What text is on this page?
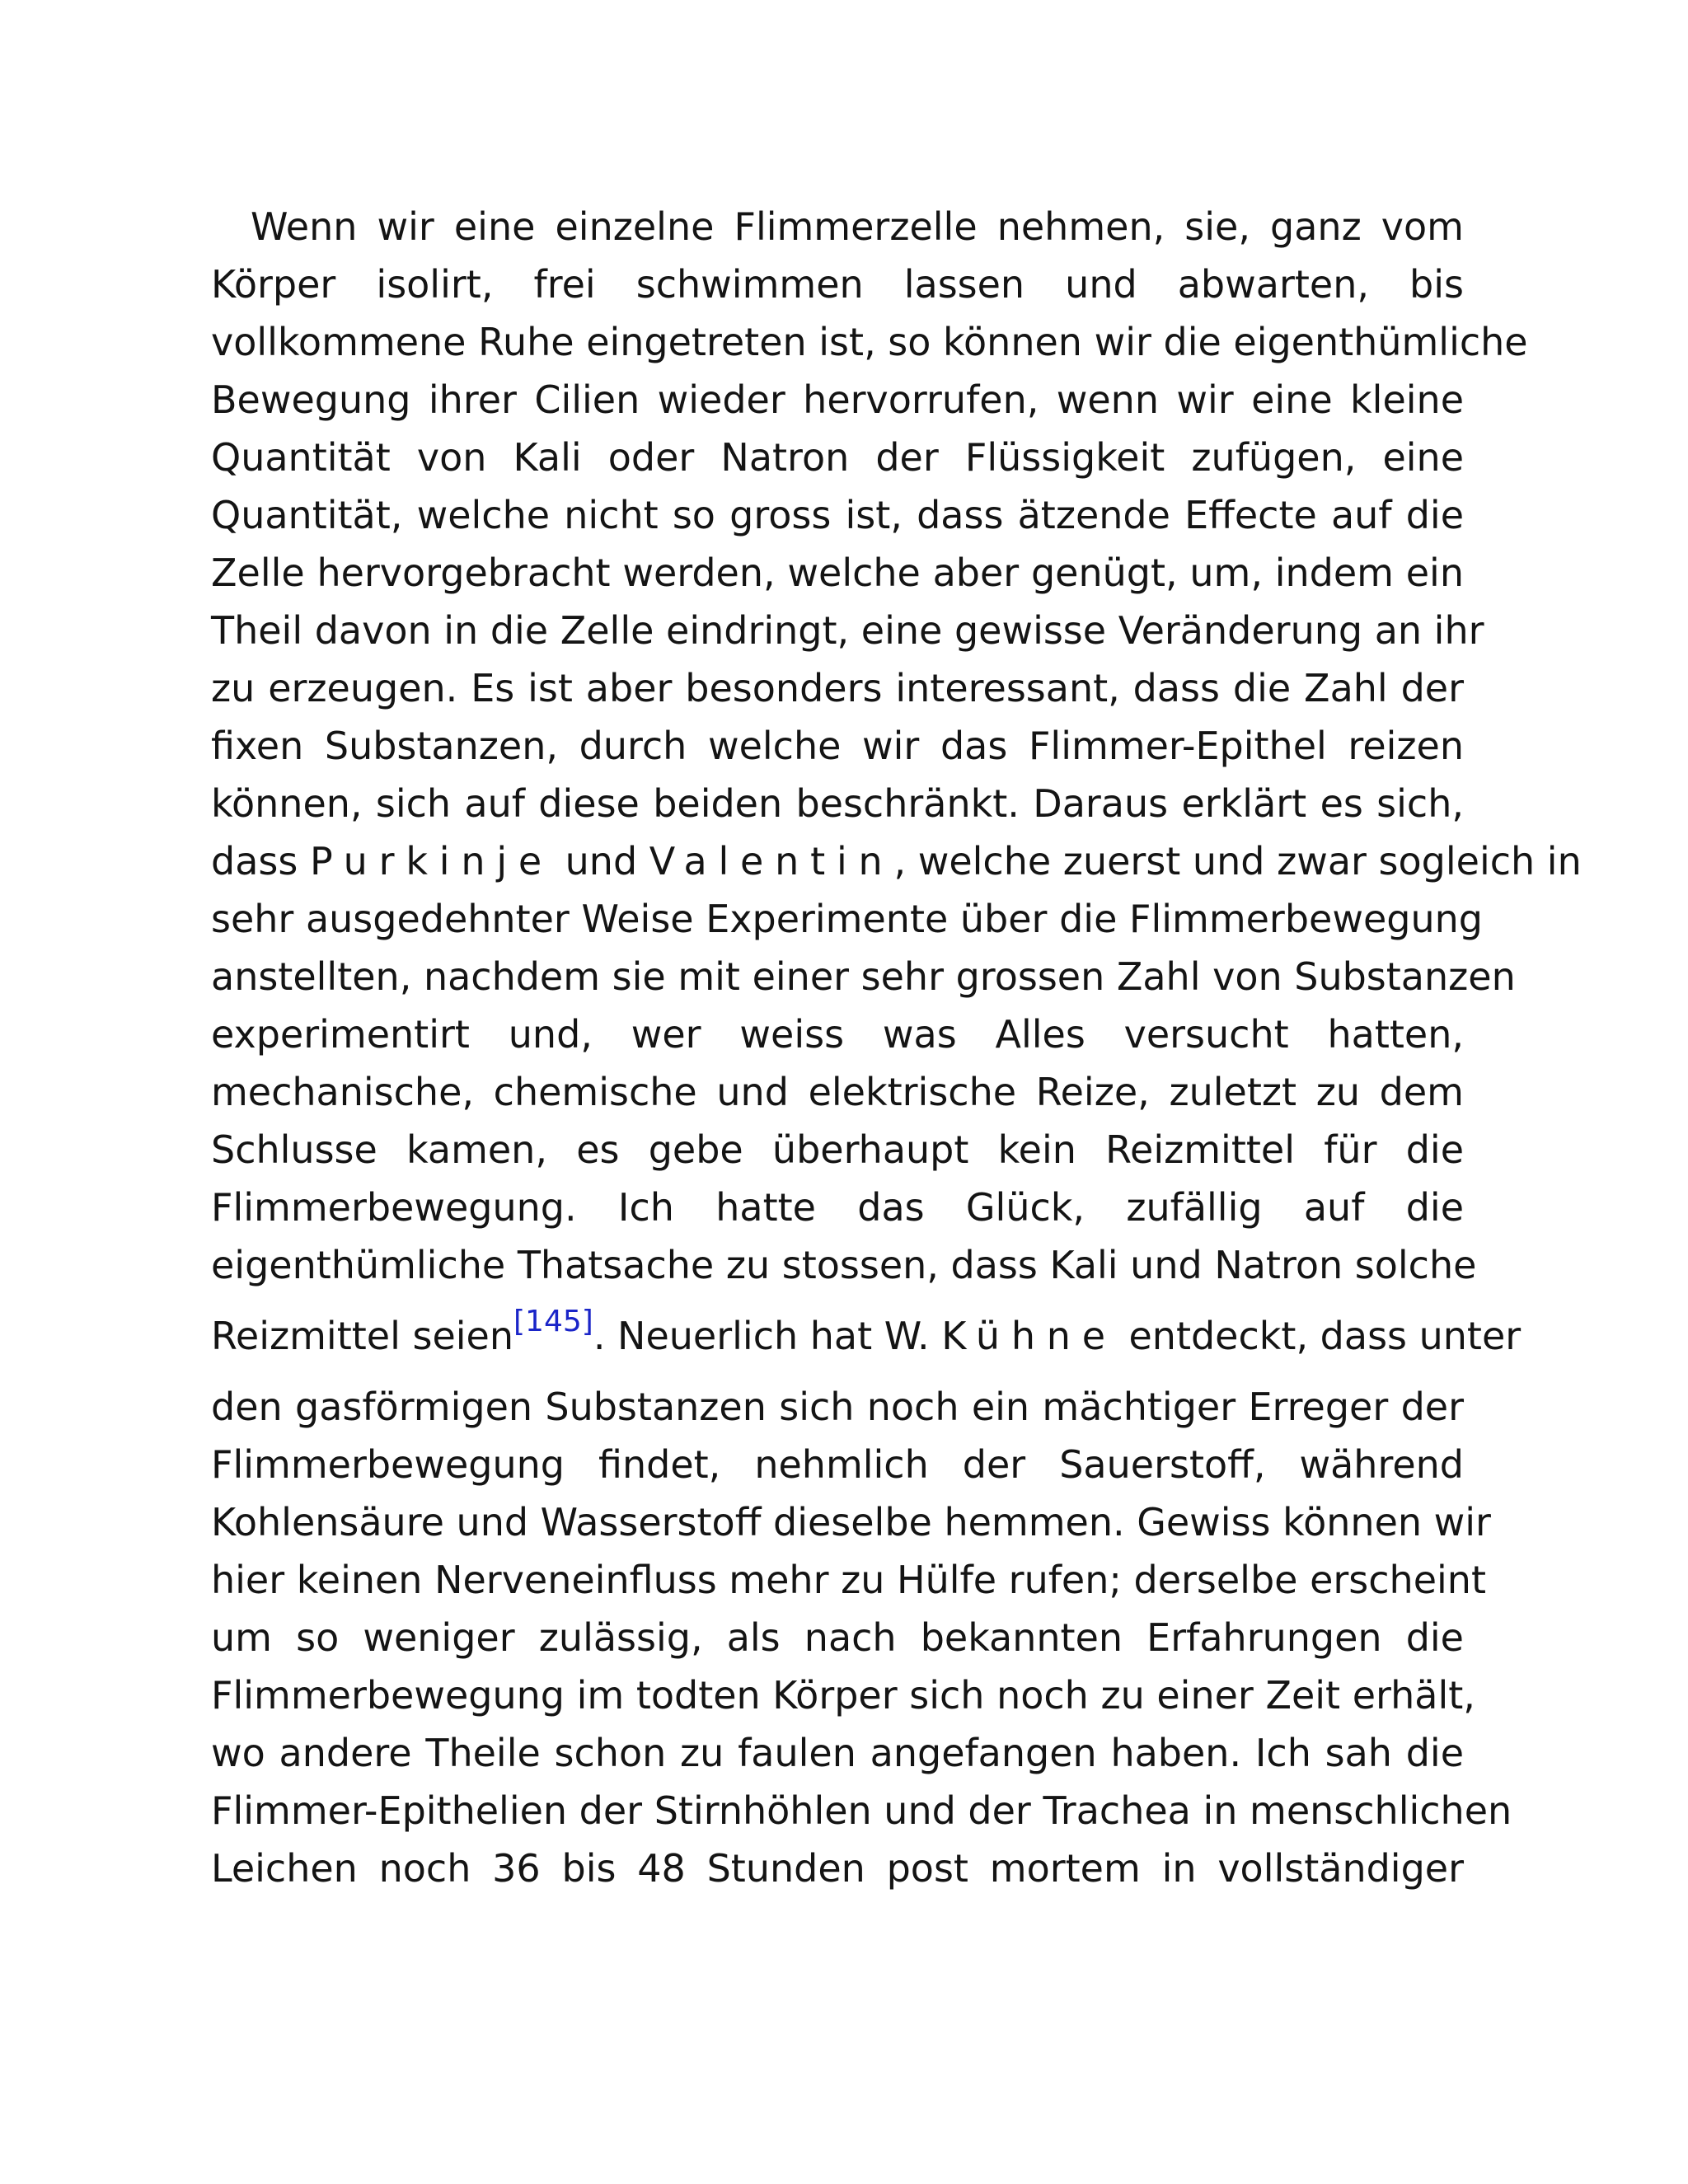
Wenn wir eine einzelne Flimmerzelle nehmen, sie, ganz vom
Körper isolirt, frei schwimmen lassen und abwarten, bis
vollkommene Ruhe eingetreten ist, so können wir die eigenthümliche
Bewegung ihrer Cilien wieder hervorrufen, wenn wir eine kleine
Quantität von Kali oder Natron der Flüssigkeit zufügen, eine
Quantität, welche nicht so gross ist, dass ätzende Effecte auf die
Zelle hervorgebracht werden, welche aber genügt, um, indem ein
Theil davon in die Zelle eindringt, eine gewisse Veränderung an ihr
zu erzeugen. Es ist aber besonders interessant, dass die Zahl der
fixen Substanzen, durch welche wir das Flimmer-Epithel reizen
können, sich auf diese beiden beschränkt. Daraus erklärt es sich,
dass Purkinje und Valentin, welche zuerst und zwar sogleich in
sehr ausgedehnter Weise Experimente über die Flimmerbewegung
anstellten, nachdem sie mit einer sehr grossen Zahl von Substanzen
experimentirt und, wer weiss was Alles versucht hatten,
mechanische, chemische und elektrische Reize, zuletzt zu dem
Schlusse kamen, es gebe überhaupt kein Reizmittel für die
Flimmerbewegung. Ich hatte das Glück, zufällig auf die
eigenthümliche Thatsache zu stossen, dass Kali und Natron solche
Reizmittel seien[145]. Neuerlich hat W. Kühne entdeckt, dass unter
den gasförmigen Substanzen sich noch ein mächtiger Erreger der
Flimmerbewegung findet, nehmlich der Sauerstoff, während
Kohlensäure und Wasserstoff dieselbe hemmen. Gewiss können wir
hier keinen Nerveneinfluss mehr zu Hülfe rufen; derselbe erscheint
um so weniger zulässig, als nach bekannten Erfahrungen die
Flimmerbewegung im todten Körper sich noch zu einer Zeit erhält,
wo andere Theile schon zu faulen angefangen haben. Ich sah die
Flimmer-Epithelien der Stirnhöhlen und der Trachea in menschlichen
Leichen noch 36 bis 48 Stunden post mortem in vollständiger
